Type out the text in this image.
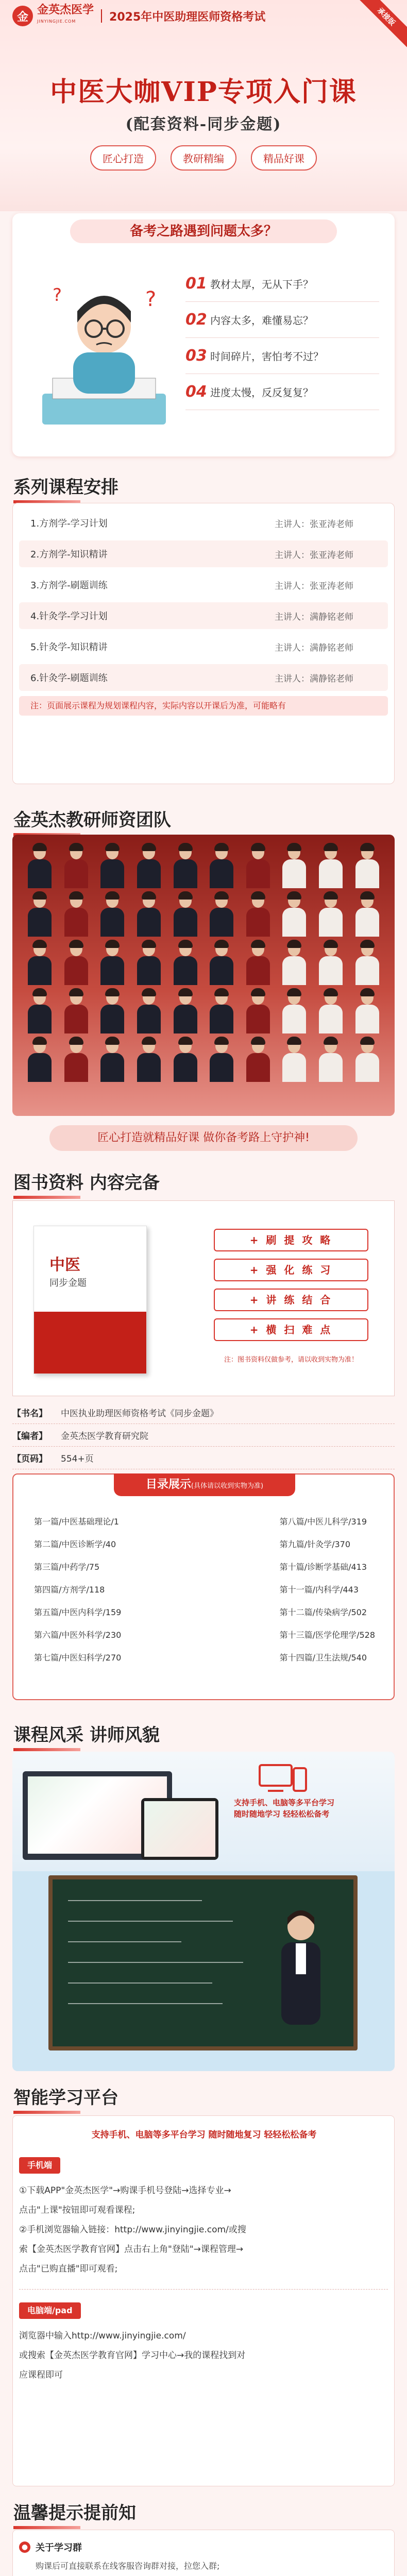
金
金英杰医学
JINYINGJIE.COM	2025年中医助理医师资格考试	承接版
中医大咖VIP专项入门课
(配套资料-同步金题)
匠心打造	教研精编	精品好课
备考之路遇到问题太多？
?
?
01 教材太厚，无从下手？
02 内容太多，难懂易忘？
03 时间碎片，害怕考不过？
04 进度太慢，反反复复？
系列课程安排
1.方剂学-学习计划	主讲人：张亚涛老师
2.方剂学-知识精讲	主讲人：张亚涛老师
3.方剂学-刷题训练	主讲人：张亚涛老师
4.针灸学-学习计划	主讲人：满静铭老师
5.针灸学-知识精讲	主讲人：满静铭老师
6.针灸学-刷题训练	主讲人：满静铭老师
注：页面展示课程为规划课程内容，实际内容以开课后为准，可能略有
金英杰教研师资团队
匠心打造就精品好课 做你备考路上守护神!
图书资料 内容完备
中医
同步金题
+ 刷 提 攻 略
+ 强 化 练 习
+ 讲 练 结 合
+ 横 扫 难 点
注：图书资料仅做参考，请以收到实物为准！
【书名】	中医执业助理医师资格考试《同步金题》
【编者】	金英杰医学教育研究院
【页码】	554+页
目录展示(具体请以收到实物为准)
第一篇/中医基础理论/1
第二篇/中医诊断学/40
第三篇/中药学/75
第四篇/方剂学/118
第五篇/中医内科学/159
第六篇/中医外科学/230
第七篇/中医妇科学/270
第八篇/中医儿科学/319
第九篇/针灸学/370
第十篇/诊断学基础/413
第十一篇/内科学/443
第十二篇/传染病学/502
第十三篇/医学伦理学/528
第十四篇/卫生法规/540
课程风采 讲师风貌
支持手机、电脑等多平台学习
随时随地学习 轻轻松松备考
智能学习平台
支持手机、电脑等多平台学习 随时随地复习 轻轻松松备考
手机端
①下载APP"金英杰医学"→购课手机号登陆→选择专业→
点击"上课"按钮即可观看课程;
②手机浏览器输入链接：http://www.jinyingjie.com/或搜
索【金英杰医学教育官网】点击右上角"登陆"→课程管理→
点击"已购直播"即可观看;
电脑端/pad
浏览器中输入http://www.jinyingjie.com/
或搜索【金英杰医学教育官网】学习中心→我的课程找到对
应课程即可
温馨提示提前知
● 关于学习群
购课后可直接联系在线客服咨询群对接，拉您入群;
